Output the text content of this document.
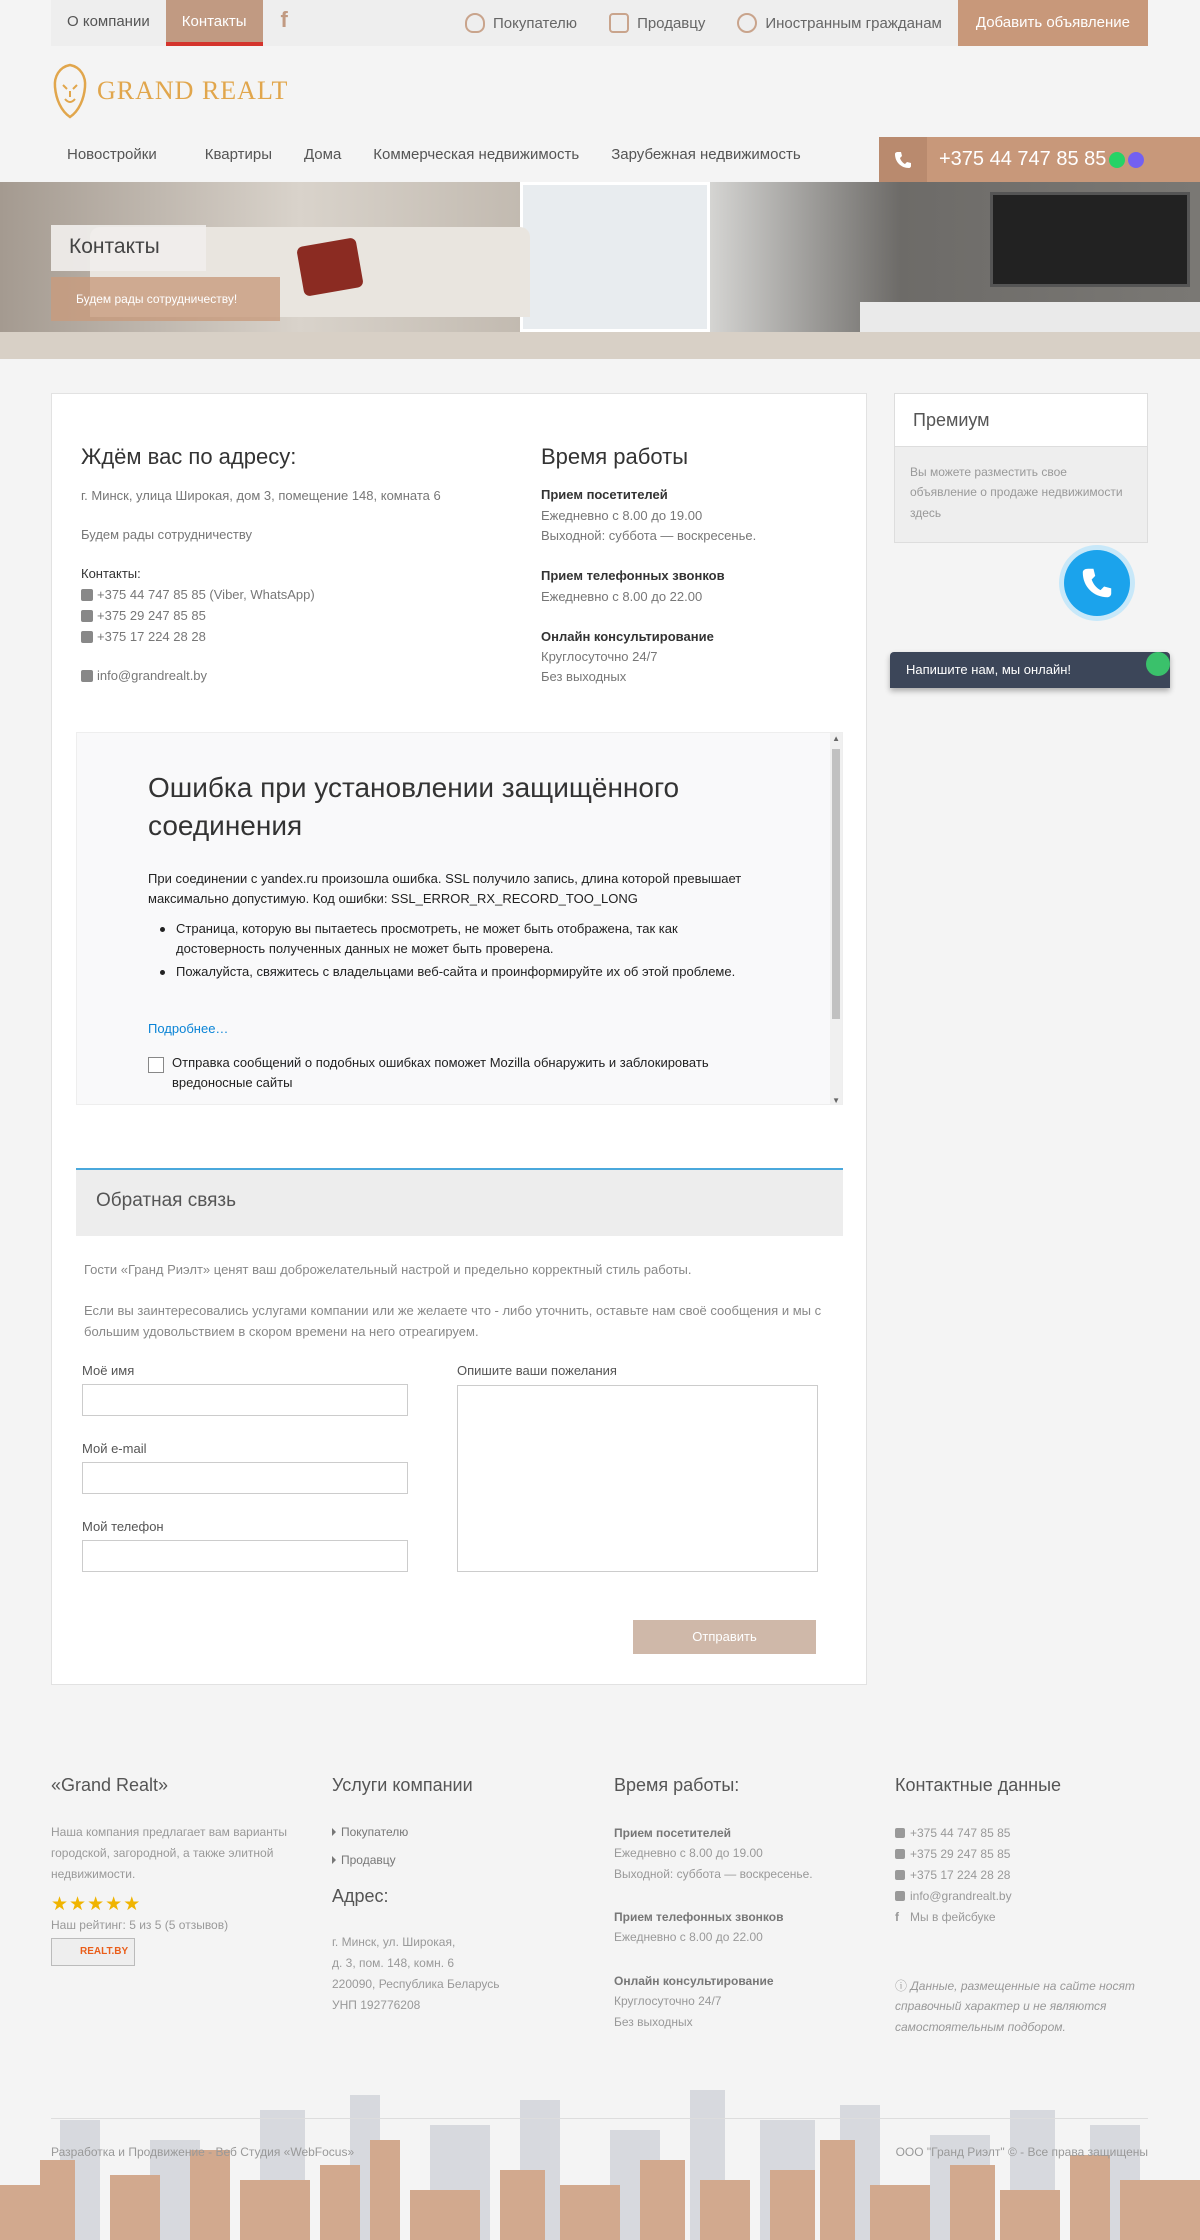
О компании	Контакты	f	Покупателю	Продавцу	Иностранным гражданам	Добавить объявление
GRAND REALT
Новостройки	Квартиры Дома Коммерческая недвижимость Зарубежная недвижимость	+375 44 747 85 85
Контакты
Будем рады сотрудничеству!
Ждём вас по адресу:
г. Минск, улица Широкая, дом 3, помещение 148, комната 6
Будем рады сотрудничеству
Контакты:
+375 44 747 85 85 (Viber, WhatsApp)
+375 29 247 85 85
+375 17 224 28 28
info@grandrealt.by
Время работы
Прием посетителей
Ежедневно с 8.00 до 19.00
Выходной: суббота — воскресенье.
Прием телефонных звонков
Ежедневно с 8.00 до 22.00
Онлайн консультирование
Круглосуточно 24/7
Без выходных
Ошибка при установлении защищённого соединения
При соединении с yandex.ru произошла ошибка. SSL получило запись, длина которой превышает максимально допустимую. Код ошибки: SSL_ERROR_RX_RECORD_TOO_LONG
Страница, которую вы пытаетесь просмотреть, не может быть отображена, так как достоверность полученных данных не может быть проверена.
Пожалуйста, свяжитесь с владельцами веб-сайта и проинформируйте их об этой проблеме.
Подробнее…
Отправка сообщений о подобных ошибках поможет Mozilla обнаружить и заблокировать вредоносные сайты
▲
▼
Обратная связь
Гости «Гранд Риэлт» ценят ваш доброжелательный настрой и предельно корректный стиль работы.
Если вы заинтересовались услугами компании или же желаете что - либо уточнить, оставьте нам своё сообщения и мы с большим удовольствием в скором времени на него отреагируем.
Моё имя
Мой e-mail
Мой телефон
Опишите ваши пожелания
Отправить
Премиум
Вы можете разместить свое объявление о продаже недвижимости здесь
Напишите нам, мы онлайн!
«Grand Realt»
Наша компания предлагает вам варианты городской, загородной, а также элитной недвижимости.
★ ★ ★ ★ ★
Наш рейтинг: 5 из 5 (5 отзывов)
REALT.BY
Услуги компании
Покупателю
Продавцу
Адрес:
г. Минск, ул. Широкая,
д. 3, пом. 148, комн. 6
220090, Республика Беларусь
УНП 192776208
Время работы:
Прием посетителей
Ежедневно с 8.00 до 19.00
Выходной: суббота — воскресенье.
Прием телефонных звонков
Ежедневно с 8.00 до 22.00
Онлайн консультирование
Круглосуточно 24/7
Без выходных
Контактные данные
+375 44 747 85 85
+375 29 247 85 85
+375 17 224 28 28
info@grandrealt.by
f Мы в фейсбуке
ⓘ Данные, размещенные на сайте носят справочный характер и не являются самостоятельным подбором.
Разработка и Продвижение - Веб Студия «WebFocus»	ООО "Гранд Риэлт" © - Все права защищены
